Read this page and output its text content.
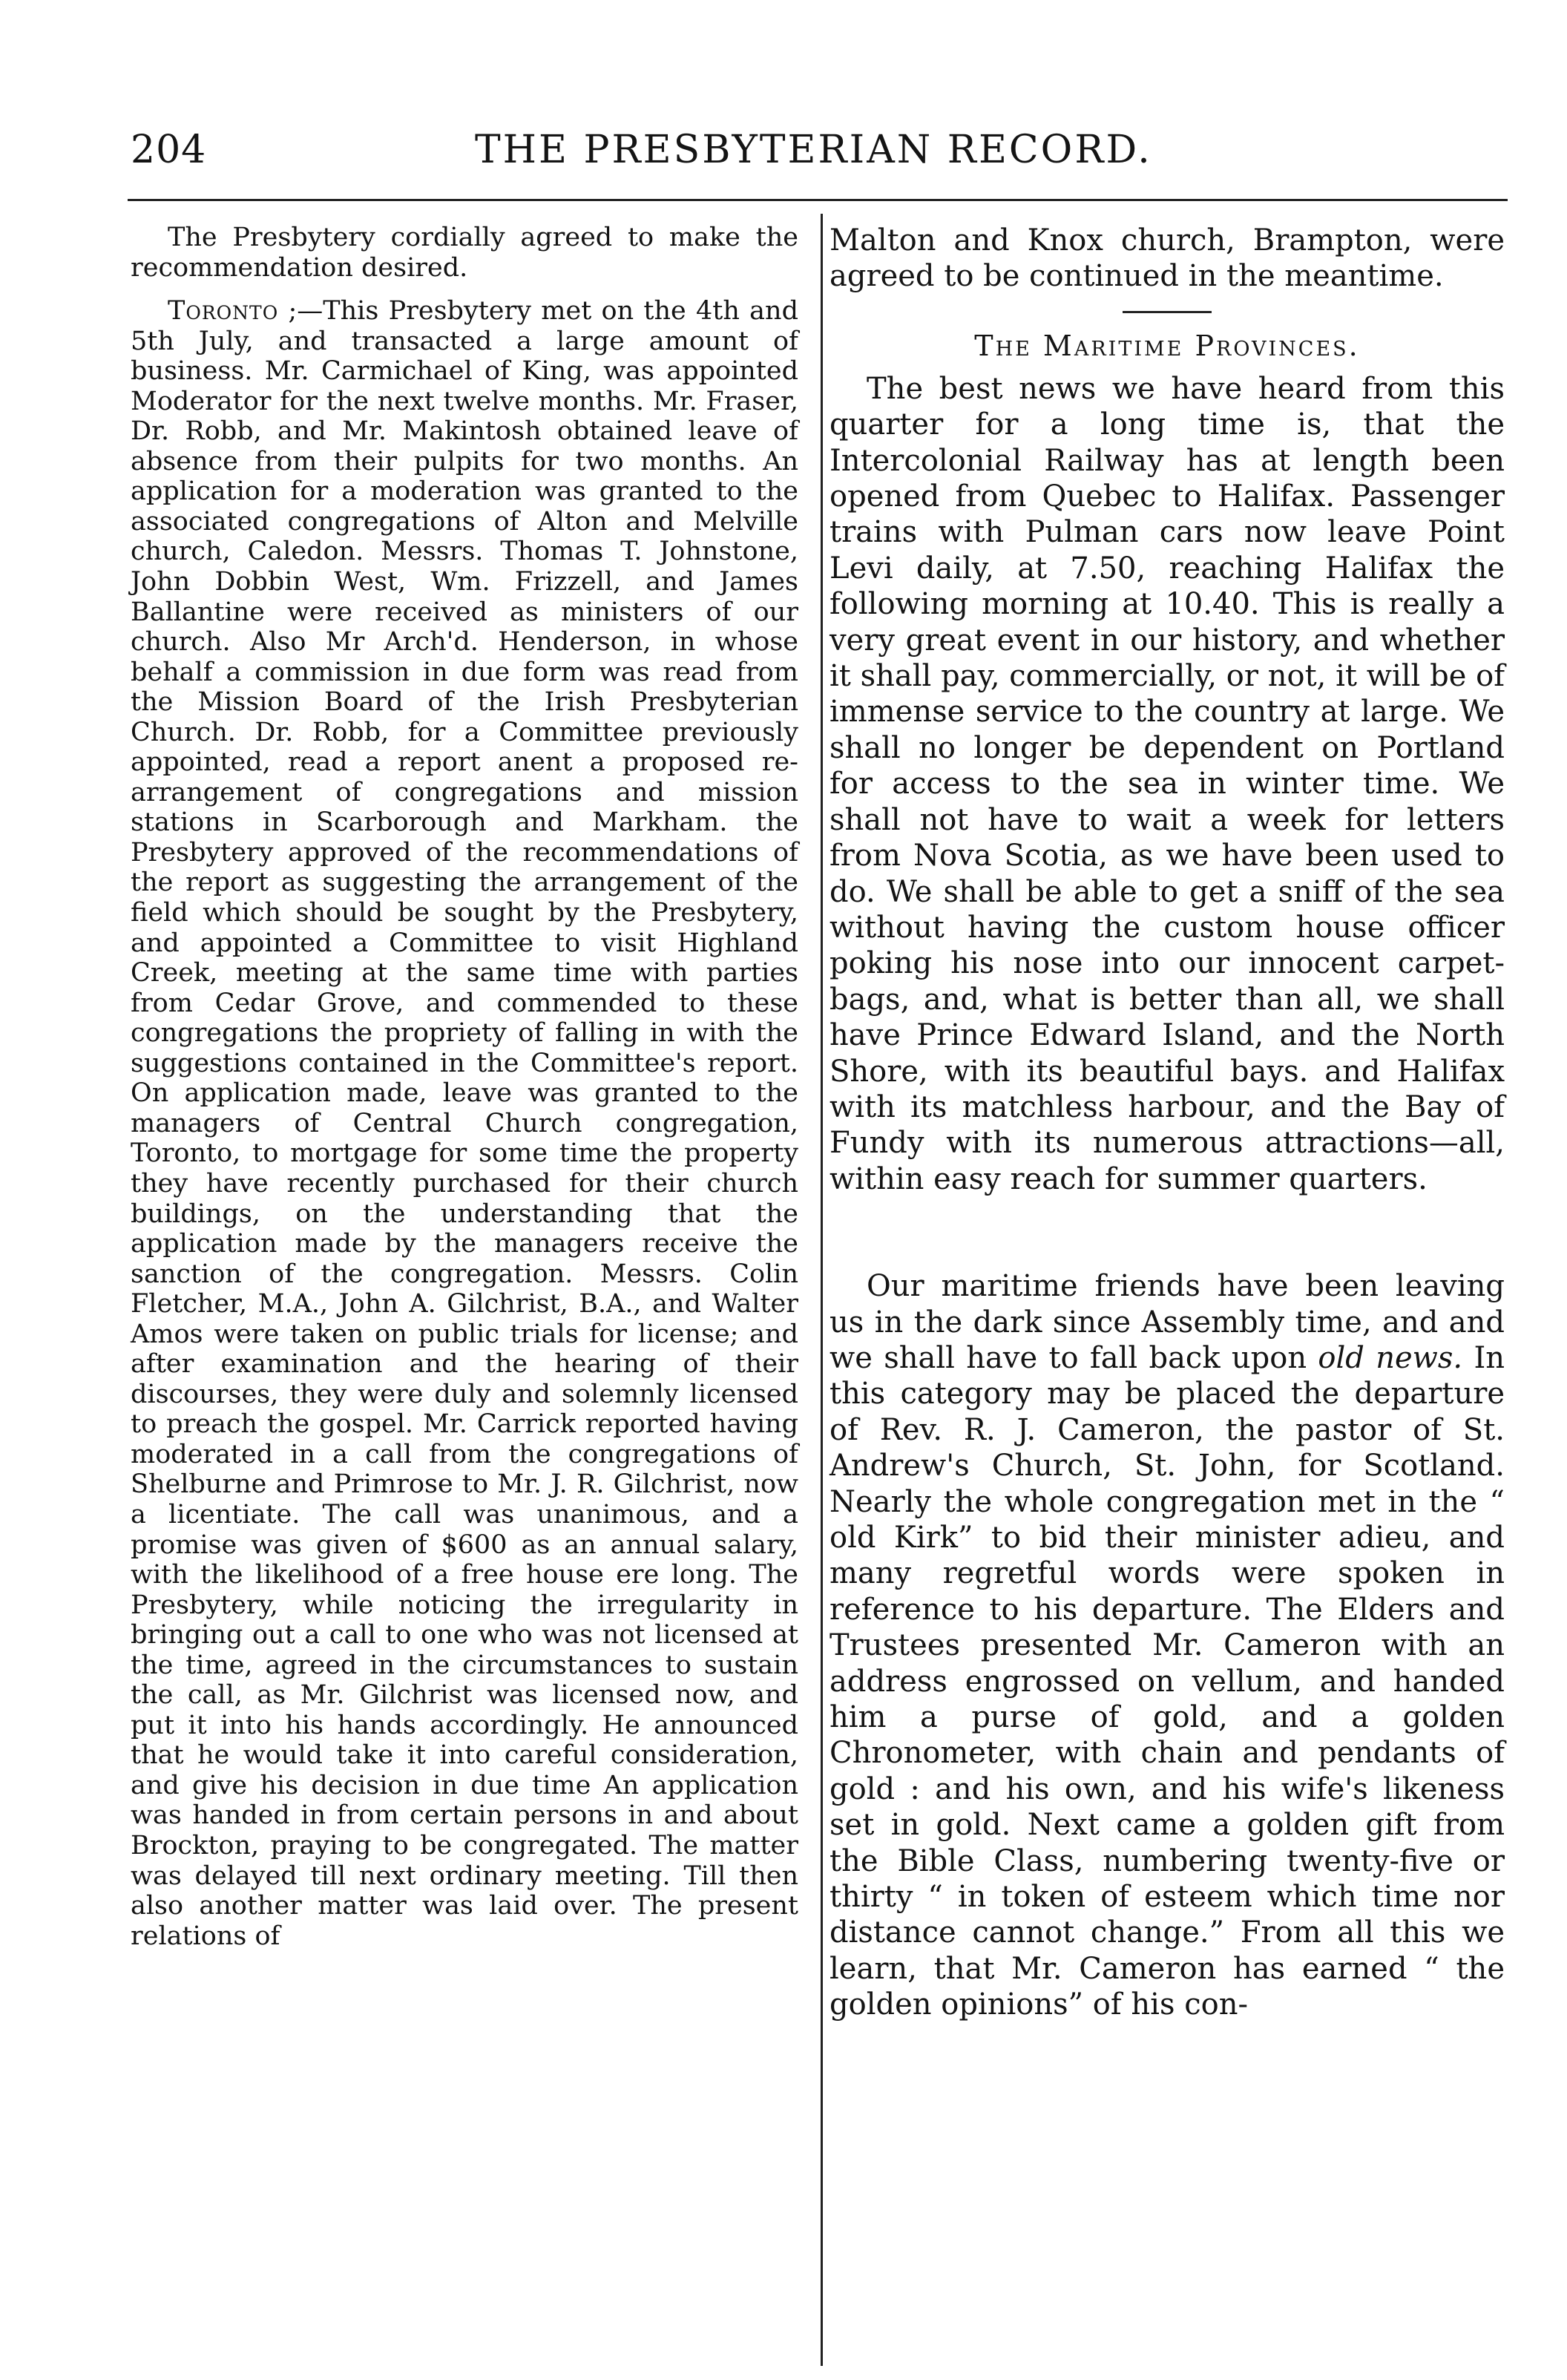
204	THE PRESBYTERIAN RECORD.

The Presbytery cordially agreed to make the recommendation desired.

Toronto ;—This Presbytery met on the 4th and 5th July, and transacted a large amount of business. Mr. Carmichael of King, was appointed Moderator for the next twelve months. Mr. Fraser, Dr. Robb, and Mr. Makintosh obtained leave of absence from their pulpits for two months. An application for a moderation was granted to the associated congregations of Alton and Melville church, Caledon. Messrs. Thomas T. Johnstone, John Dobbin West, Wm. Frizzell, and James Ballantine were received as ministers of our church. Also Mr Arch'd. Henderson, in whose behalf a commission in due form was read from the Mission Board of the Irish Presbyterian Church. Dr. Robb, for a Committee previously appointed, read a report anent a proposed re-arrangement of congregations and mission stations in Scarborough and Markham. the Presbytery approved of the recommendations of the report as suggesting the arrangement of the field which should be sought by the Presbytery, and appointed a Committee to visit Highland Creek, meeting at the same time with parties from Cedar Grove, and commended to these congregations the propriety of falling in with the suggestions contained in the Committee's report. On application made, leave was granted to the managers of Central Church congregation, Toronto, to mortgage for some time the property they have recently purchased for their church buildings, on the understanding that the application made by the managers receive the sanction of the congregation. Messrs. Colin Fletcher, M.A., John A. Gilchrist, B.A., and Walter Amos were taken on public trials for license; and after examination and the hearing of their discourses, they were duly and solemnly licensed to preach the gospel. Mr. Carrick reported having moderated in a call from the congregations of Shelburne and Primrose to Mr. J. R. Gilchrist, now a licentiate. The call was unanimous, and a promise was given of $600 as an annual salary, with the likelihood of a free house ere long. The Presbytery, while noticing the irregularity in bringing out a call to one who was not licensed at the time, agreed in the circumstances to sustain the call, as Mr. Gilchrist was licensed now, and put it into his hands accordingly. He announced that he would take it into careful consideration, and give his decision in due time An application was handed in from certain persons in and about Brockton, praying to be congregated. The matter was delayed till next ordinary meeting. Till then also another matter was laid over. The present relations of

Malton and Knox church, Brampton, were agreed to be continued in the meantime.

The Maritime Provinces.

The best news we have heard from this quarter for a long time is, that the Intercolonial Railway has at length been opened from Quebec to Halifax. Passenger trains with Pulman cars now leave Point Levi daily, at 7.50, reaching Halifax the following morning at 10.40. This is really a very great event in our history, and whether it shall pay, commercially, or not, it will be of immense service to the country at large. We shall no longer be dependent on Portland for access to the sea in winter time. We shall not have to wait a week for letters from Nova Scotia, as we have been used to do. We shall be able to get a sniff of the sea without having the custom house officer poking his nose into our innocent carpet-bags, and, what is better than all, we shall have Prince Edward Island, and the North Shore, with its beautiful bays. and Halifax with its matchless harbour, and the Bay of Fundy with its numerous attractions—all, within easy reach for summer quarters.

Our maritime friends have been leaving us in the dark since Assembly time, and and we shall have to fall back upon old news. In this category may be placed the departure of Rev. R. J. Cameron, the pastor of St. Andrew's Church, St. John, for Scotland. Nearly the whole congregation met in the “ old Kirk” to bid their minister adieu, and many regretful words were spoken in reference to his departure. The Elders and Trustees presented Mr. Cameron with an address engrossed on vellum, and handed him a purse of gold, and a golden Chronometer, with chain and pendants of gold : and his own, and his wife's likeness set in gold. Next came a golden gift from the Bible Class, numbering twenty-five or thirty “ in token of esteem which time nor distance cannot change.” From all this we learn, that Mr. Cameron has earned “ the golden opinions” of his con-
